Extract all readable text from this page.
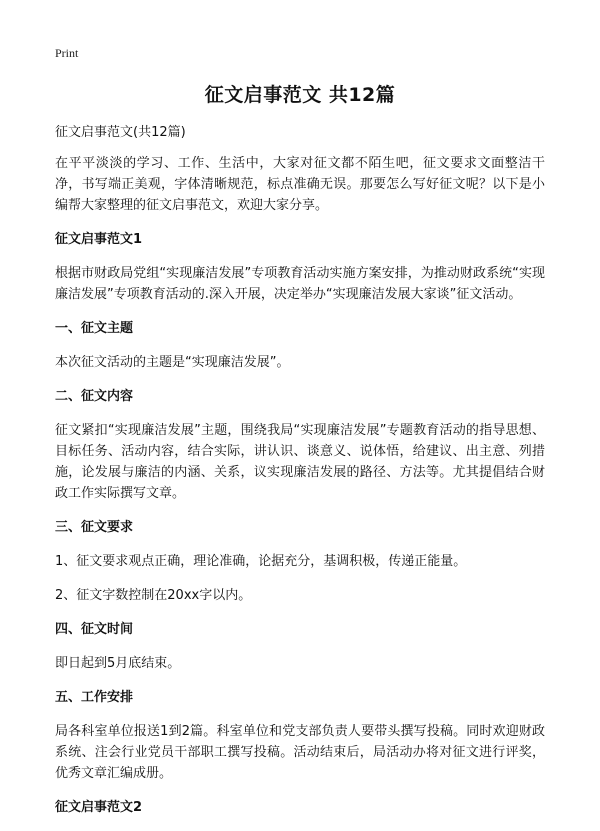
Print
征文启事范文 共12篇

征文启事范文(共12篇)

在平平淡淡的学习、工作、生活中，大家对征文都不陌生吧，征文要求文面整洁干净，书写端正美观，字体清晰规范，标点准确无误。那要怎么写好征文呢？以下是小编帮大家整理的征文启事范文，欢迎大家分享。

征文启事范文1

根据市财政局党组“实现廉洁发展”专项教育活动实施方案安排，为推动财政系统“实现廉洁发展”专项教育活动的.深入开展，决定举办“实现廉洁发展大家谈”征文活动。

一、征文主题

本次征文活动的主题是“实现廉洁发展”。

二、征文内容

征文紧扣“实现廉洁发展”主题，围绕我局“实现廉洁发展”专题教育活动的指导思想、目标任务、活动内容，结合实际，讲认识、谈意义、说体悟，给建议、出主意、列措施，论发展与廉洁的内涵、关系，议实现廉洁发展的路径、方法等。尤其提倡结合财政工作实际撰写文章。

三、征文要求

1、征文要求观点正确，理论准确，论据充分，基调积极，传递正能量。

2、征文字数控制在20xx字以内。

四、征文时间

即日起到5月底结束。

五、工作安排

局各科室单位报送1到2篇。科室单位和党支部负责人要带头撰写投稿。同时欢迎财政系统、注会行业党员干部职工撰写投稿。活动结束后，局活动办将对征文进行评奖，优秀文章汇编成册。

征文启事范文2
